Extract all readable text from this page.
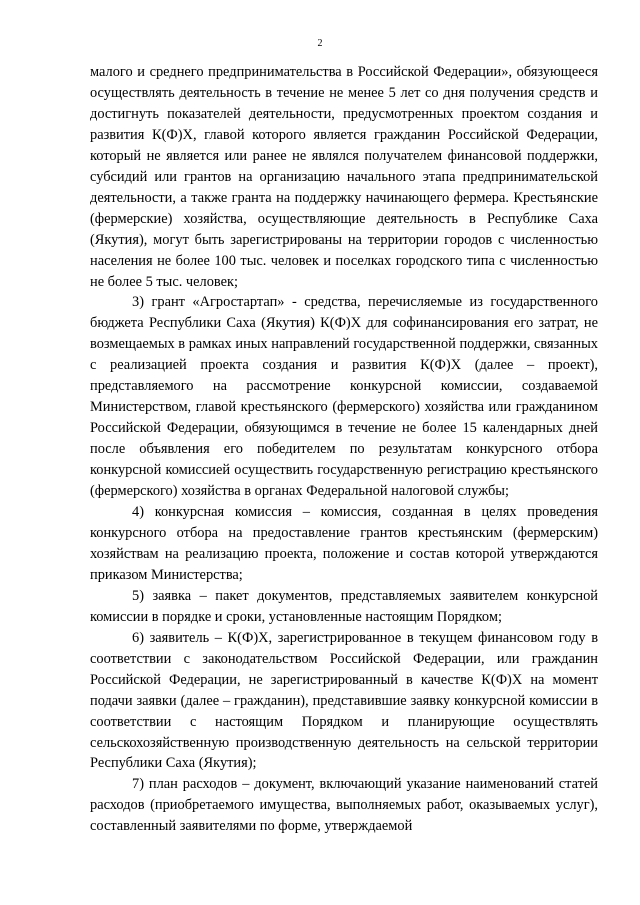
2

малого и среднего предпринимательства в Российской Федерации», обязующееся осуществлять деятельность в течение не менее 5 лет со дня получения средств и достигнуть показателей деятельности, предусмотренных проектом создания и развития К(Ф)Х, главой которого является гражданин Российской Федерации, который не является или ранее не являлся получателем финансовой поддержки, субсидий или грантов на организацию начального этапа предпринимательской деятельности, а также гранта на поддержку начинающего фермера. Крестьянские (фермерские) хозяйства, осуществляющие деятельность в Республике Саха (Якутия), могут быть зарегистрированы на территории городов с численностью населения не более 100 тыс. человек и поселках городского типа с численностью не более 5 тыс. человек;

3) грант «Агростартап» - средства, перечисляемые из государственного бюджета Республики Саха (Якутия) К(Ф)Х для софинансирования его затрат, не возмещаемых в рамках иных направлений государственной поддержки, связанных с реализацией проекта создания и развития К(Ф)Х (далее – проект), представляемого на рассмотрение конкурсной комиссии, создаваемой Министерством, главой крестьянского (фермерского) хозяйства или гражданином Российской Федерации, обязующимся в течение не более 15 календарных дней после объявления его победителем по результатам конкурсного отбора конкурсной комиссией осуществить государственную регистрацию крестьянского (фермерского) хозяйства в органах Федеральной налоговой службы;

4) конкурсная комиссия – комиссия, созданная в целях проведения конкурсного отбора на предоставление грантов крестьянским (фермерским) хозяйствам на реализацию проекта, положение и состав которой утверждаются приказом Министерства;

5) заявка – пакет документов, представляемых заявителем конкурсной комиссии в порядке и сроки, установленные настоящим Порядком;

6) заявитель – К(Ф)Х, зарегистрированное в текущем финансовом году в соответствии с законодательством Российской Федерации, или гражданин Российской Федерации, не зарегистрированный в качестве К(Ф)Х на момент подачи заявки (далее – гражданин), представившие заявку конкурсной комиссии в соответствии с настоящим Порядком и планирующие осуществлять сельскохозяйственную производственную деятельность на сельской территории Республики Саха (Якутия);

7) план расходов – документ, включающий указание наименований статей расходов (приобретаемого имущества, выполняемых работ, оказываемых услуг), составленный заявителями по форме, утверждаемой
